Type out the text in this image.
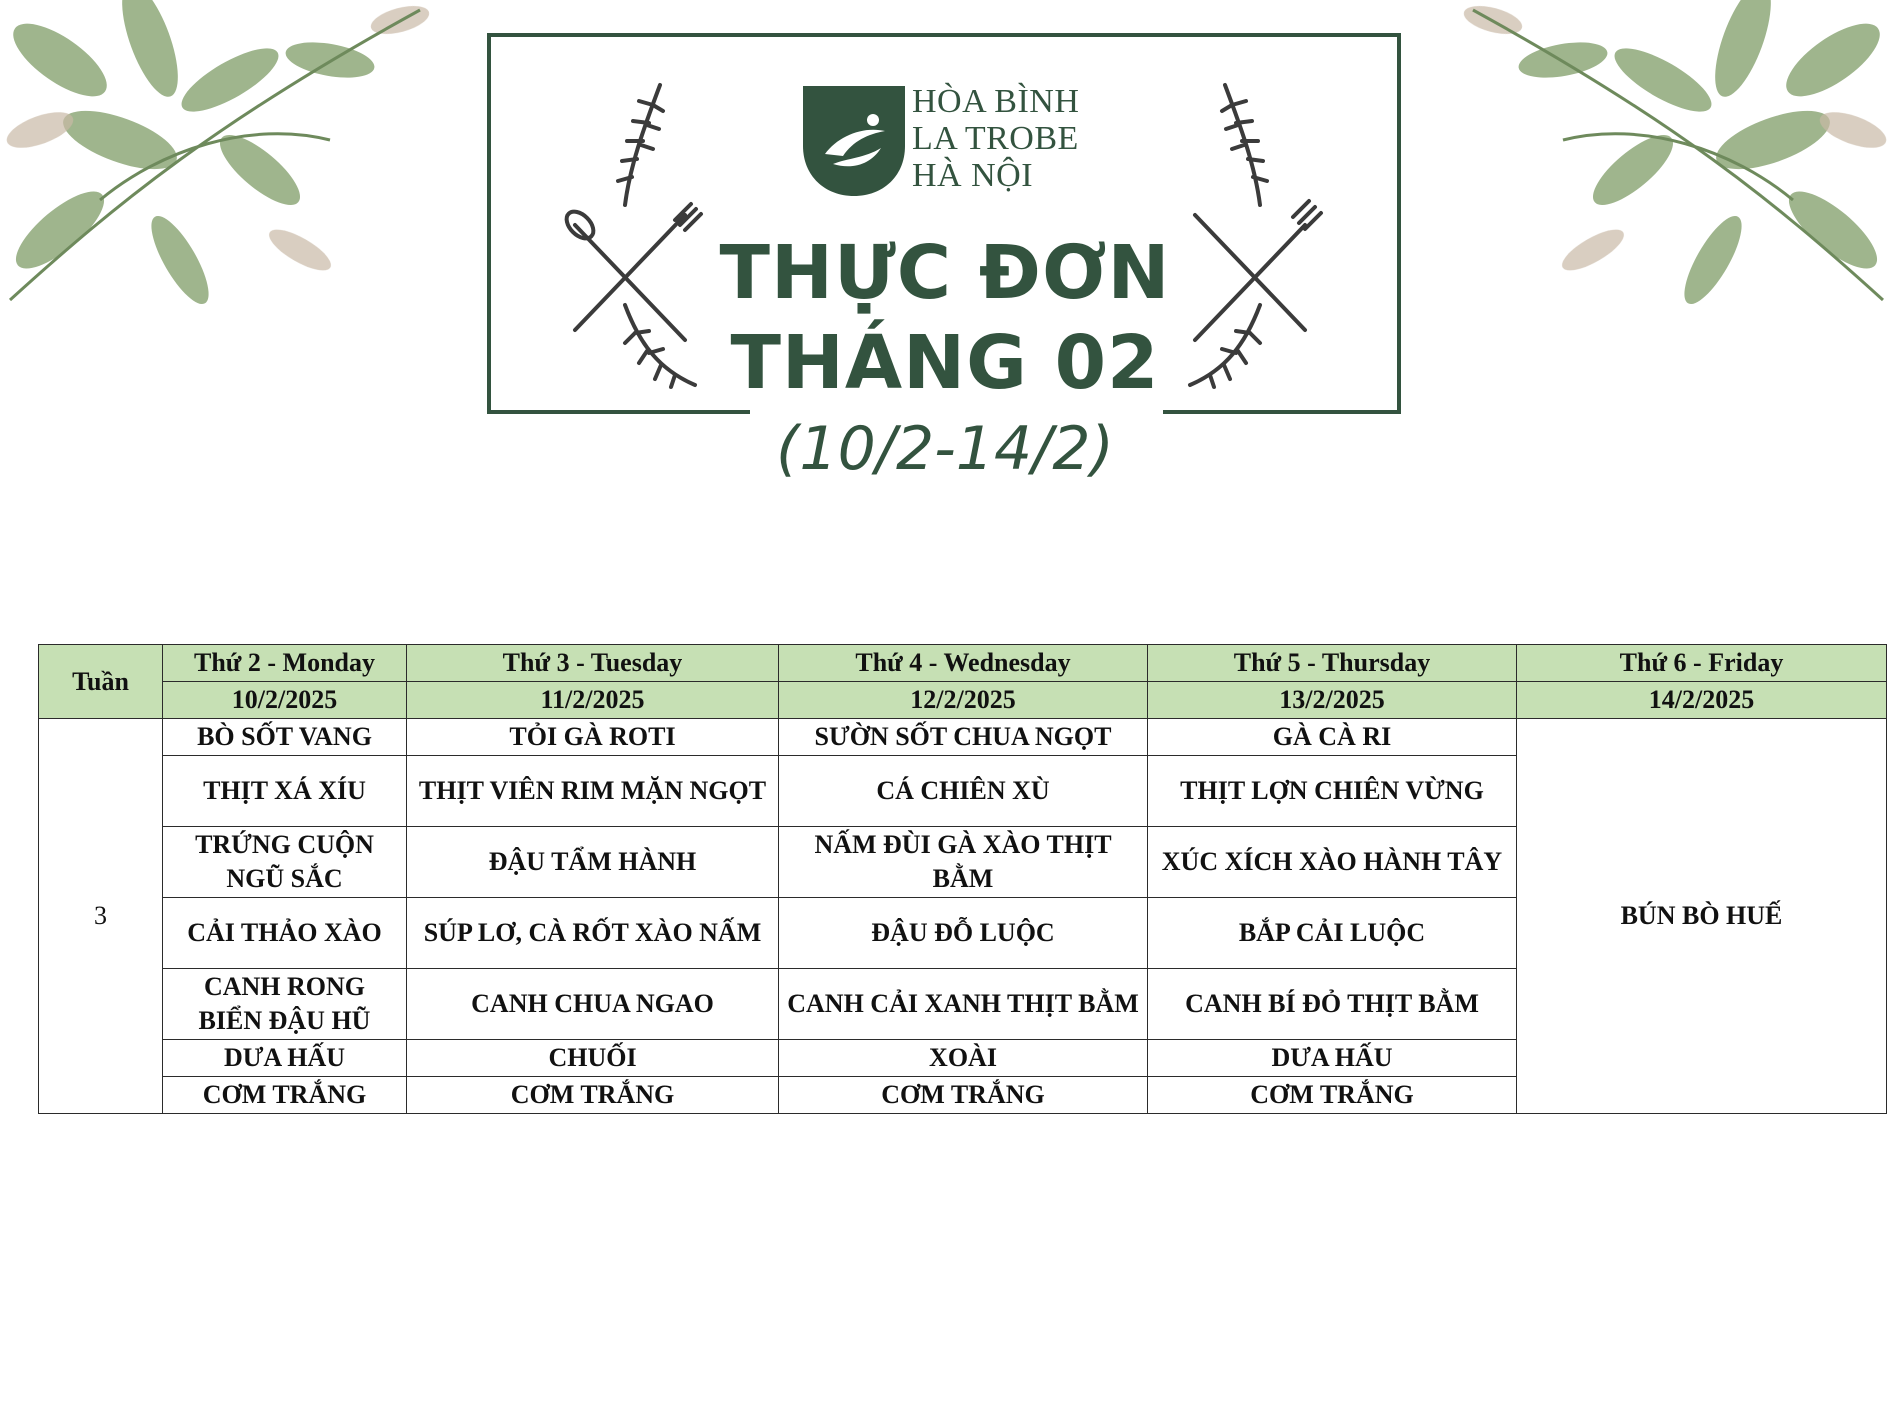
HÒA BÌNH
LA TROBE
HÀ NỘI
THỰC ĐƠN
THÁNG 02
(10/2-14/2)
Tuần	Thứ 2 - Monday	Thứ 3 - Tuesday	Thứ 4 - Wednesday	Thứ 5 - Thursday	Thứ 6 - Friday
	10/2/2025	11/2/2025	12/2/2025	13/2/2025	14/2/2025
3	BÒ SỐT VANG	TỎI GÀ ROTI	SƯỜN SỐT CHUA NGỌT	GÀ CÀ RI	BÚN BÒ HUẾ
	THỊT XÁ XÍU	THỊT VIÊN RIM MẶN NGỌT	CÁ CHIÊN XÙ	THỊT LỢN CHIÊN VỪNG	
	TRỨNG CUỘN NGŨ SẮC	ĐẬU TẨM HÀNH	NẤM ĐÙI GÀ XÀO THỊT BẰM	XÚC XÍCH XÀO HÀNH TÂY	
	CẢI THẢO XÀO	SÚP LƠ, CÀ RỐT XÀO NẤM	ĐẬU ĐỖ LUỘC	BẮP CẢI LUỘC	
	CANH RONG BIỂN ĐẬU HŨ	CANH CHUA NGAO	CANH CẢI XANH THỊT BẰM	CANH BÍ ĐỎ THỊT BẰM	
	DƯA HẤU	CHUỐI	XOÀI	DƯA HẤU	
	CƠM TRẮNG	CƠM TRẮNG	CƠM TRẮNG	CƠM TRẮNG	
